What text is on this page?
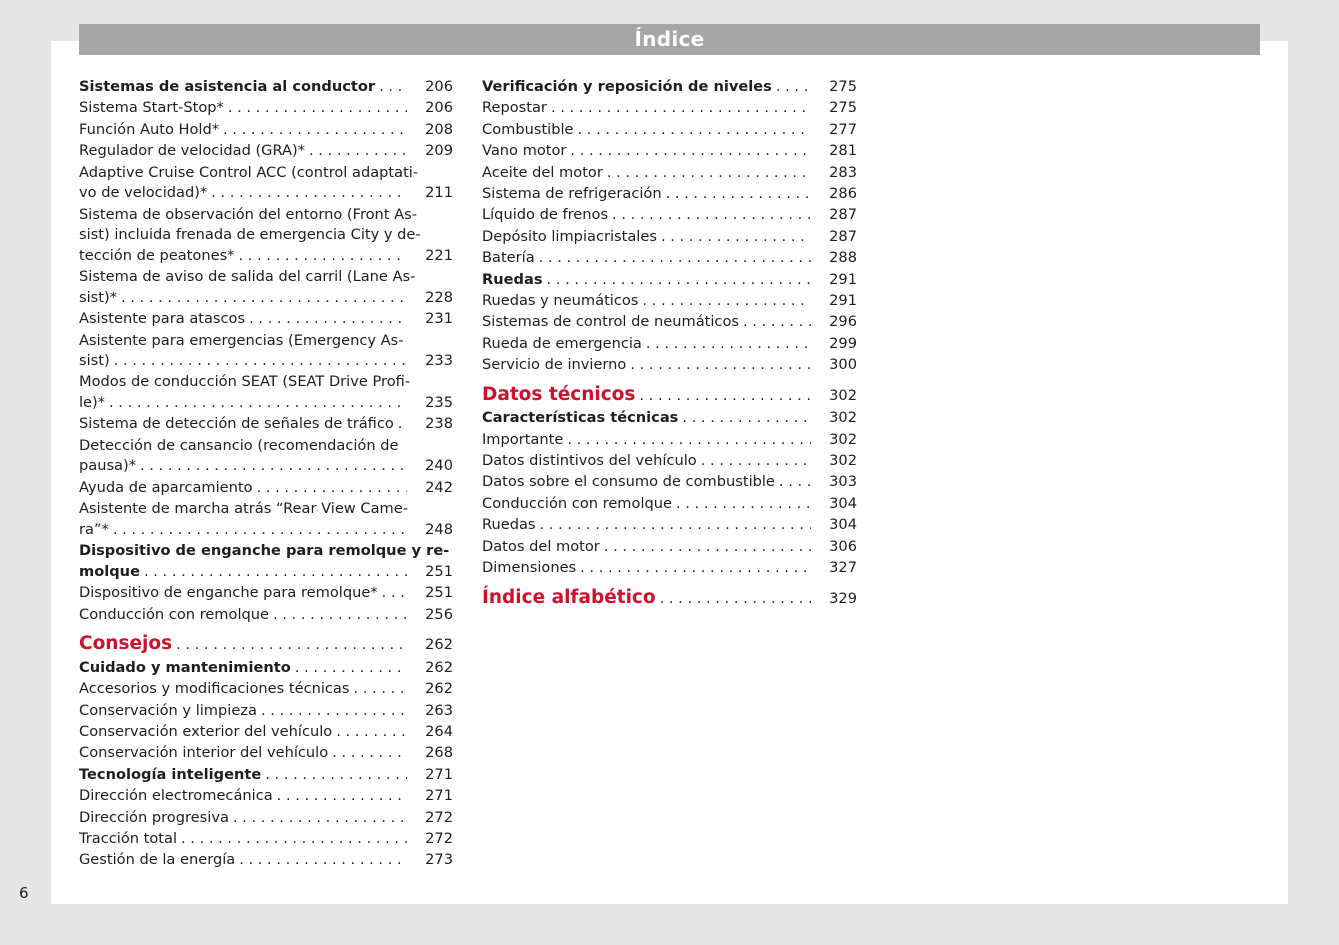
Índice
Sistemas de asistencia al conductor . . .	206
Sistema Start-Stop* . . .	206
Función Auto Hold* . . .	208
Regulador de velocidad (GRA)* . . .	209
Adaptive Cruise Control ACC (control adaptati-
vo de velocidad)* . . .	211
Sistema de observación del entorno (Front As-
sist) incluida frenada de emergencia City y de-
tección de peatones* . . .	221
Sistema de aviso de salida del carril (Lane As-
sist)* . . .	228
Asistente para atascos . . .	231
Asistente para emergencias (Emergency As-
sist) . . .	233
Modos de conducción SEAT (SEAT Drive Profi-
le)* . . .	235
Sistema de detección de señales de tráfico . . .	238
Detección de cansancio (recomendación de
pausa)* . . .	240
Ayuda de aparcamiento . . .	242
Asistente de marcha atrás “Rear View Came-
ra”* . . .	248
Dispositivo de enganche para remolque y re-
molque . . .	251
Dispositivo de enganche para remolque* . . .	251
Conducción con remolque . . .	256
Consejos . . .	262
Cuidado y mantenimiento . . .	262
Accesorios y modificaciones técnicas . . .	262
Conservación y limpieza . . .	263
Conservación exterior del vehículo . . .	264
Conservación interior del vehículo . . .	268
Tecnología inteligente . . .	271
Dirección electromecánica . . .	271
Dirección progresiva . . .	272
Tracción total . . .	272
Gestión de la energía . . .	273
Verificación y reposición de niveles . . .	275
Repostar . . .	275
Combustible . . .	277
Vano motor . . .	281
Aceite del motor . . .	283
Sistema de refrigeración . . .	286
Líquido de frenos . . .	287
Depósito limpiacristales . . .	287
Batería . . .	288
Ruedas . . .	291
Ruedas y neumáticos . . .	291
Sistemas de control de neumáticos . . .	296
Rueda de emergencia . . .	299
Servicio de invierno . . .	300
Datos técnicos . . .	302
Características técnicas . . .	302
Importante . . .	302
Datos distintivos del vehículo . . .	302
Datos sobre el consumo de combustible . . .	303
Conducción con remolque . . .	304
Ruedas . . .	304
Datos del motor . . .	306
Dimensiones . . .	327
Índice alfabético . . .	329
6
